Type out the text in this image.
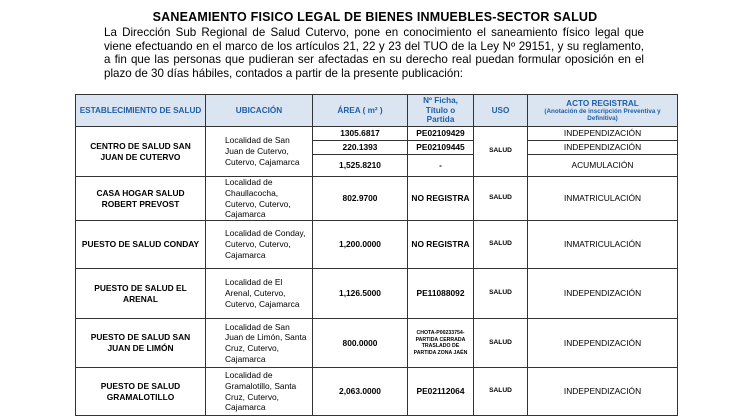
SANEAMIENTO FISICO LEGAL DE BIENES INMUEBLES-SECTOR SALUD
La Dirección Sub Regional de Salud Cutervo, pone en conocimiento el saneamiento físico legal que viene efectuando en el marco de los artículos 21, 22 y 23 del TUO de la Ley Nº 29151, y su reglamento, a fin que las personas que pudieran ser afectadas en su derecho real puedan formular oposición en el plazo de 30 días hábiles, contados a partir de la presente publicación:
ESTABLECIMIENTO DE SALUD	UBICACIÓN	ÁREA ( m² )	Nº Ficha, Título o Partida	USO	ACTO REGISTRAL
(Anotación de inscripción Preventiva y Definitiva)

CENTRO DE SALUD SAN JUAN DE CUTERVO	Localidad de San Juan de Cutervo, Cutervo, Cajamarca	1305.6817	PE02109429	SALUD	INDEPENDIZACIÓN
		220.1393	PE02109445		INDEPENDIZACIÓN
		1,525.8210	-		ACUMULACIÓN
CASA HOGAR SALUD ROBERT PREVOST	Localidad de Chaullacocha, Cutervo, Cutervo, Cajamarca	802.9700	NO REGISTRA	SALUD	INMATRICULACIÓN
PUESTO DE SALUD CONDAY	Localidad de Conday, Cutervo, Cutervo, Cajamarca	1,200.0000	NO REGISTRA	SALUD	INMATRICULACIÓN
PUESTO DE SALUD EL ARENAL	Localidad de El Arenal, Cutervo, Cutervo, Cajamarca	1,126.5000	PE11088092	SALUD	INDEPENDIZACIÓN
PUESTO DE SALUD SAN JUAN DE LIMÓN	Localidad de San Juan de Limón, Santa Cruz, Cutervo, Cajamarca	800.0000	CHOTA-P00233754- PARTIDA CERRADA TRASLADO DE PARTIDA ZONA JAÉN	SALUD	INDEPENDIZACIÓN
PUESTO DE SALUD GRAMALOTILLO	Localidad de Gramalotillo, Santa Cruz, Cutervo, Cajamarca	2,063.0000	PE02112064	SALUD	INDEPENDIZACIÓN
